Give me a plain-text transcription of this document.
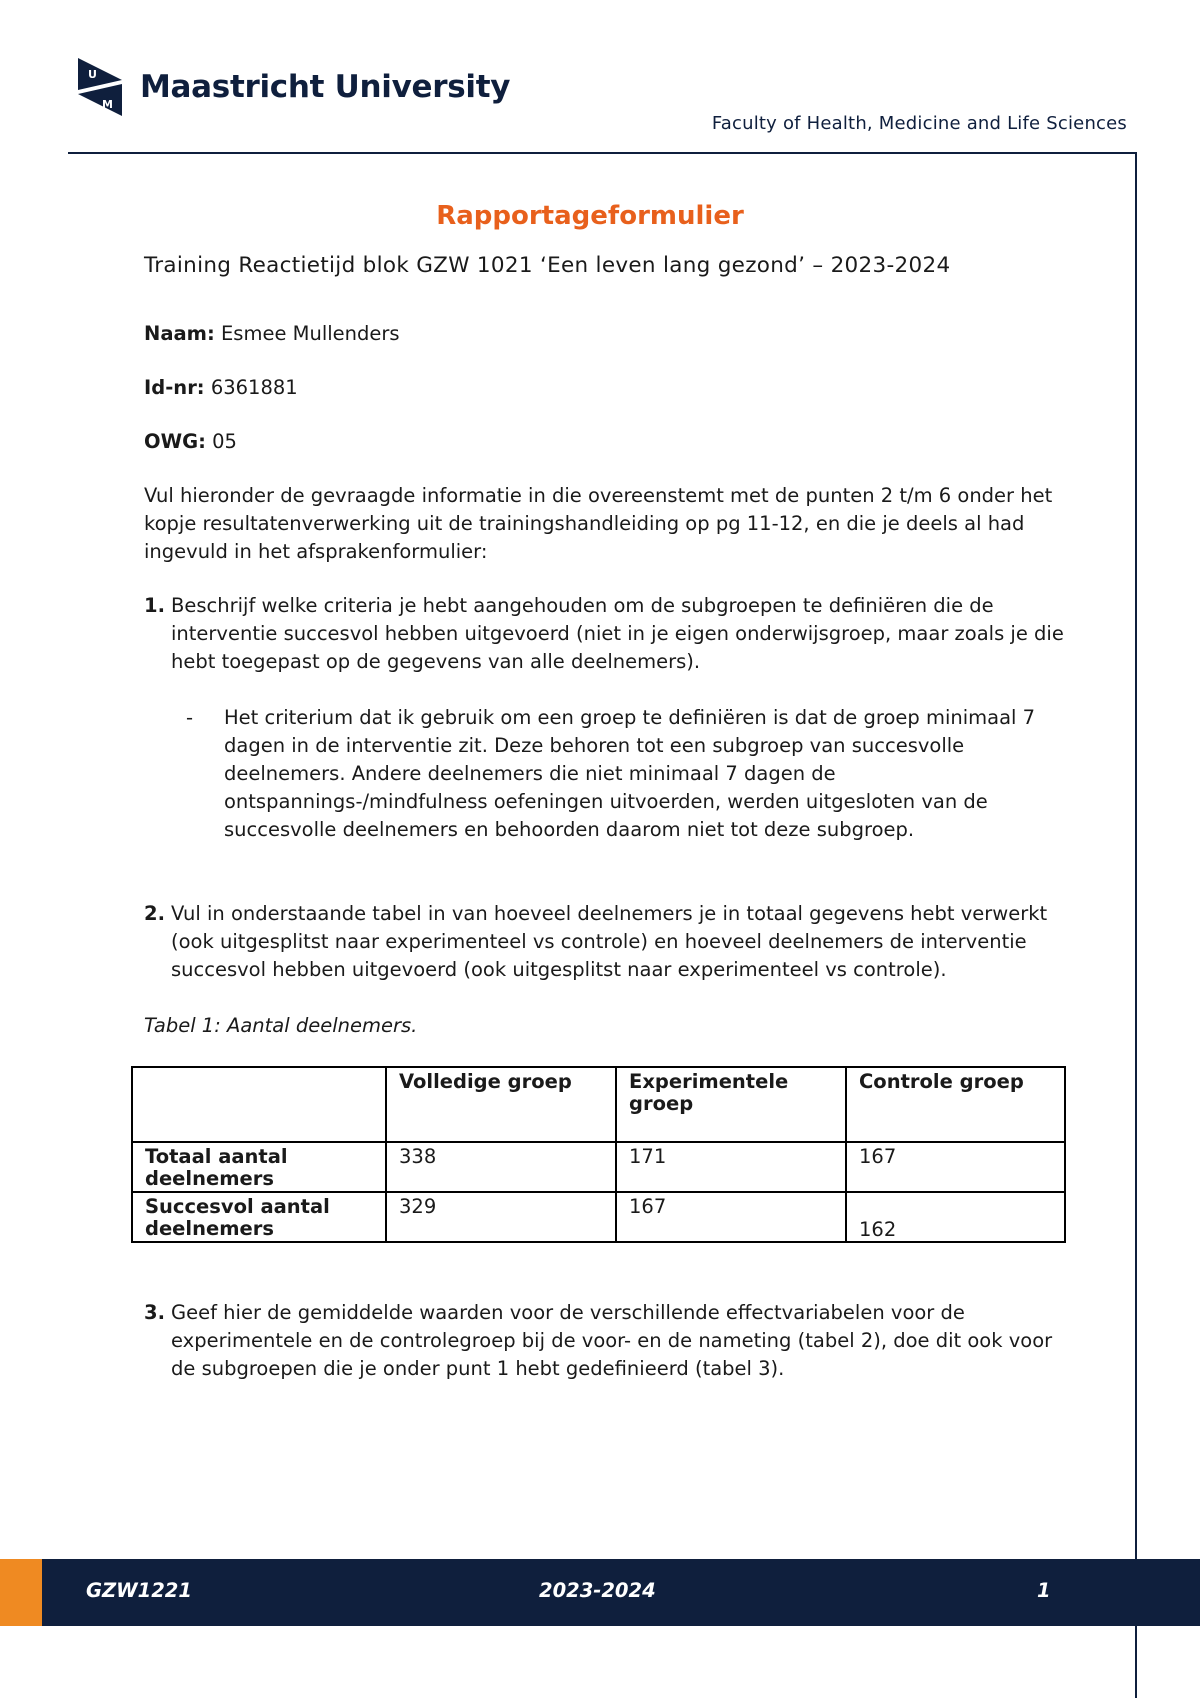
U
M Maastricht University
Faculty of Health, Medicine and Life Sciences
Rapportageformulier

Training Reactietijd blok GZW 1021 ‘Een leven lang gezond’ – 2023-2024

Naam: Esmee Mullenders

Id-nr: 6361881

OWG: 05

Vul hieronder de gevraagde informatie in die overeenstemt met de punten 2 t/m 6 onder het kopje resultatenverwerking uit de trainingshandleiding op pg 11-12, en die je deels al had ingevuld in het afsprakenformulier:

1. Beschrijf welke criteria je hebt aangehouden om de subgroepen te definiëren die de interventie succesvol hebben uitgevoerd (niet in je eigen onderwijsgroep, maar zoals je die hebt toegepast op de gegevens van alle deelnemers).
-	Het criterium dat ik gebruik om een groep te definiëren is dat de groep minimaal 7 dagen in de interventie zit. Deze behoren tot een subgroep van succesvolle deelnemers. Andere deelnemers die niet minimaal 7 dagen de ontspannings-/mindfulness oefeningen uitvoerden, werden uitgesloten van de succesvolle deelnemers en behoorden daarom niet tot deze subgroep.
2. Vul in onderstaande tabel in van hoeveel deelnemers je in totaal gegevens hebt verwerkt (ook uitgesplitst naar experimenteel vs controle) en hoeveel deelnemers de interventie succesvol hebben uitgevoerd (ook uitgesplitst naar experimenteel vs controle).

Tabel 1: Aantal deelnemers.

	Volledige groep	Experimentele groep	Controle groep
Totaal aantal deelnemers	338	171	167
Succesvol aantal deelnemers	329	167	162
3. Geef hier de gemiddelde waarden voor de verschillende effectvariabelen voor de experimentele en de controlegroep bij de voor- en de nameting (tabel 2), doe dit ook voor de subgroepen die je onder punt 1 hebt gedefinieerd (tabel 3).
GZW1221	2023-2024	1
